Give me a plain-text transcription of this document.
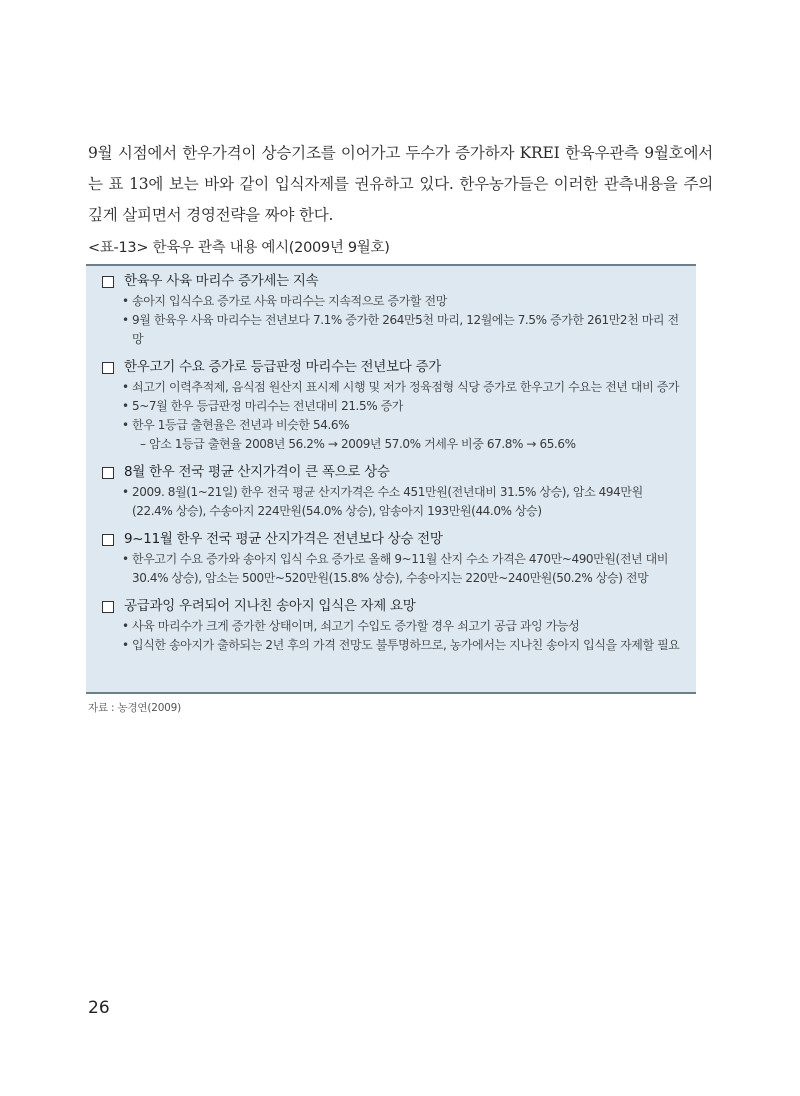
9월 시점에서 한우가격이 상승기조를 이어가고 두수가 증가하자 KREI 한육우관측 9월호에서는 표 13에 보는 바와 같이 입식자제를 권유하고 있다. 한우농가들은 이러한 관측내용을 주의 깊게 살피면서 경영전략을 짜야 한다.

<표-13> 한육우 관측 내용 예시(2009년 9월호)
한육우 사육 마리수 증가세는 지속
• 송아지 입식수요 증가로 사육 마리수는 지속적으로 증가할 전망
• 9월 한육우 사육 마리수는 전년보다 7.1% 증가한 264만5천 마리, 12월에는 7.5% 증가한 261만2천 마리 전망
한우고기 수요 증가로 등급판정 마리수는 전년보다 증가
• 쇠고기 이력추적제, 음식점 원산지 표시제 시행 및 저가 정육점형 식당 증가로 한우고기 수요는 전년 대비 증가
• 5~7월 한우 등급판정 마리수는 전년대비 21.5% 증가
• 한우 1등급 출현율은 전년과 비슷한 54.6%
– 암소 1등급 출현율 2008년 56.2% → 2009년 57.0% 거세우 비중 67.8% → 65.6%
8월 한우 전국 평균 산지가격이 큰 폭으로 상승
• 2009. 8월(1~21일) 한우 전국 평균 산지가격은 수소 451만원(전년대비 31.5% 상승), 암소 494만원(22.4% 상승), 수송아지 224만원(54.0% 상승), 암송아지 193만원(44.0% 상승)
9~11월 한우 전국 평균 산지가격은 전년보다 상승 전망
• 한우고기 수요 증가와 송아지 입식 수요 증가로 올해 9~11월 산지 수소 가격은 470만~490만원(전년 대비 30.4% 상승), 암소는 500만~520만원(15.8% 상승), 수송아지는 220만~240만원(50.2% 상승) 전망
공급과잉 우려되어 지나친 송아지 입식은 자제 요망
• 사육 마리수가 크게 증가한 상태이며, 쇠고기 수입도 증가할 경우 쇠고기 공급 과잉 가능성
• 입식한 송아지가 출하되는 2년 후의 가격 전망도 불투명하므로, 농가에서는 지나친 송아지 입식을 자제할 필요
자료 : 농경연(2009)
26
